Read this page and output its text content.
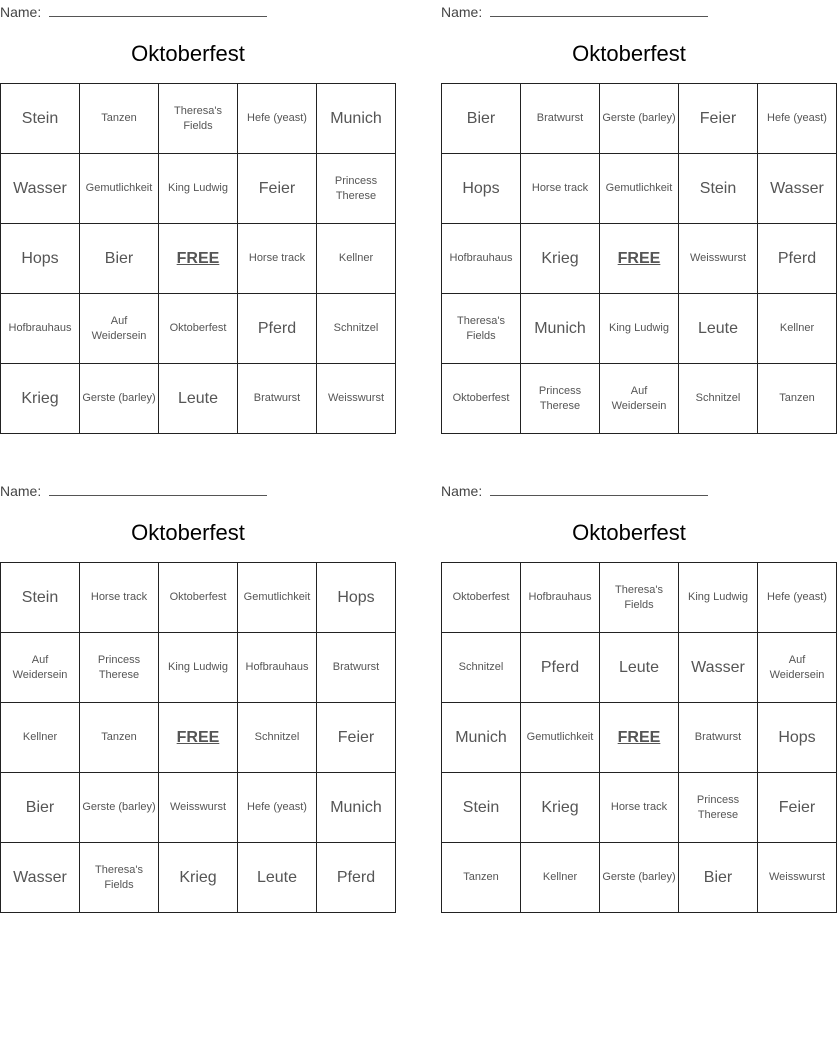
Name:
Oktoberfest
Stein	Tanzen	Theresa's Fields	Hefe (yeast)	Munich
Wasser	Gemutlichkeit	King Ludwig	Feier	Princess Therese
Hops	Bier	FREE	Horse track	Kellner
Hofbrauhaus	Auf Weidersein	Oktoberfest	Pferd	Schnitzel
Krieg	Gerste (barley)	Leute	Bratwurst	Weisswurst
Name:
Oktoberfest
Bier	Bratwurst	Gerste (barley)	Feier	Hefe (yeast)
Hops	Horse track	Gemutlichkeit	Stein	Wasser
Hofbrauhaus	Krieg	FREE	Weisswurst	Pferd
Theresa's Fields	Munich	King Ludwig	Leute	Kellner
Oktoberfest	Princess Therese	Auf Weidersein	Schnitzel	Tanzen
Name:
Oktoberfest
Stein	Horse track	Oktoberfest	Gemutlichkeit	Hops
Auf Weidersein	Princess Therese	King Ludwig	Hofbrauhaus	Bratwurst
Kellner	Tanzen	FREE	Schnitzel	Feier
Bier	Gerste (barley)	Weisswurst	Hefe (yeast)	Munich
Wasser	Theresa's Fields	Krieg	Leute	Pferd
Name:
Oktoberfest
Oktoberfest	Hofbrauhaus	Theresa's Fields	King Ludwig	Hefe (yeast)
Schnitzel	Pferd	Leute	Wasser	Auf Weidersein
Munich	Gemutlichkeit	FREE	Bratwurst	Hops
Stein	Krieg	Horse track	Princess Therese	Feier
Tanzen	Kellner	Gerste (barley)	Bier	Weisswurst
